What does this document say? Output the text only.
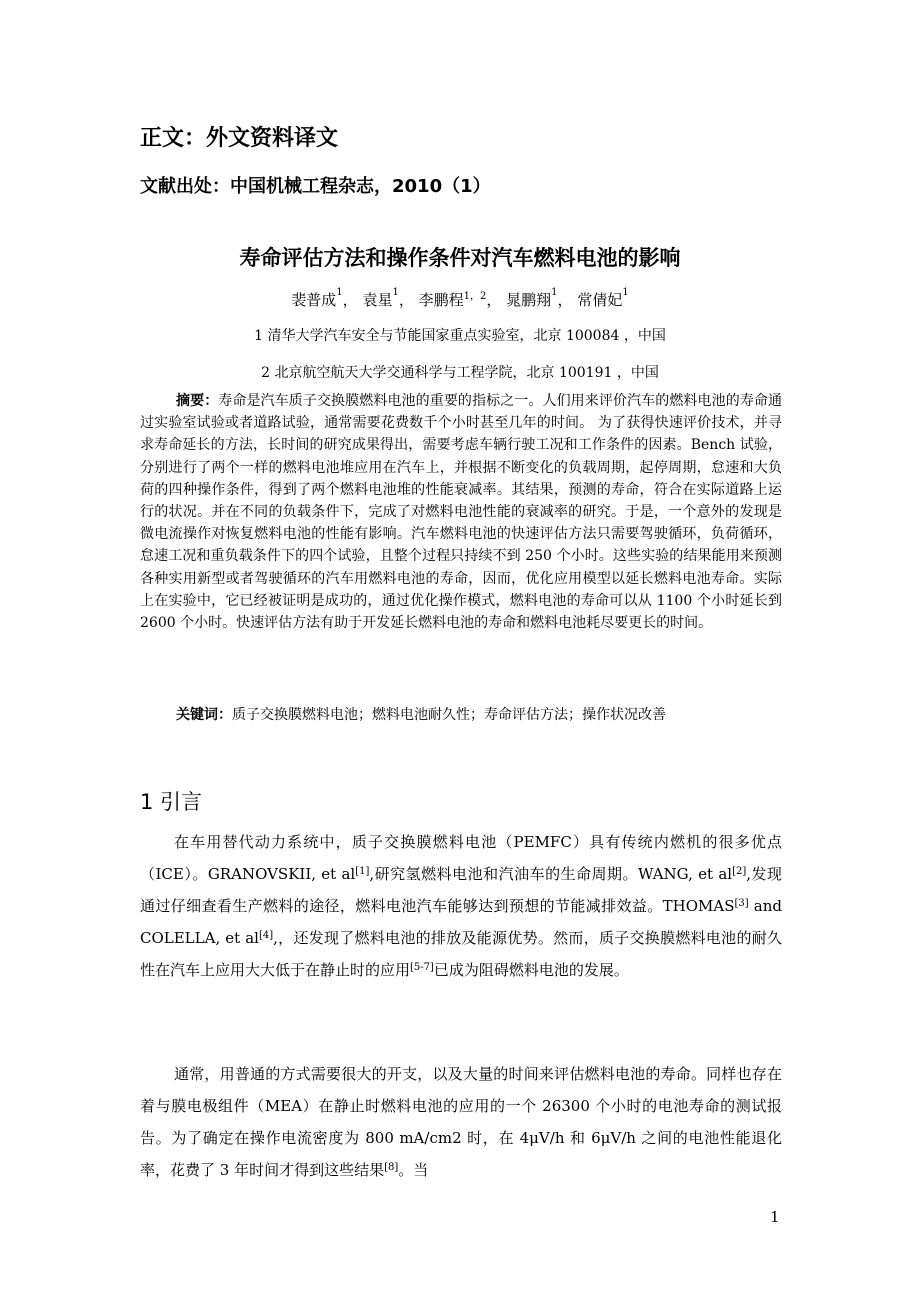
正文：外文资料译文
文献出处：中国机械工程杂志，2010（1）
寿命评估方法和操作条件对汽车燃料电池的影响
裴普成$^1$， 袁星$^1$， 李鹏程$^{1,2}$， 晁鹏翔$^1$， 常倩妃$^1$
1 清华大学汽车安全与节能国家重点实验室，北京 100084 ，中国
2 北京航空航天大学交通科学与工程学院，北京 100191 ，中国
摘要：寿命是汽车质子交换膜燃料电池的重要的指标之一。人们用来评价汽车的燃料电池的寿命通过实验室试验或者道路试验，通常需要花费数千个小时甚至几年的时间。 为了获得快速评价技术，并寻求寿命延长的方法，长时间的研究成果得出，需要考虑车辆行驶工况和工作条件的因素。Bench 试验，分别进行了两个一样的燃料电池堆应用在汽车上，并根据不断变化的负载周期，起停周期，怠速和大负荷的四种操作条件，得到了两个燃料电池堆的性能衰减率。其结果，预测的寿命，符合在实际道路上运行的状况。并在不同的负载条件下，完成了对燃料电池性能的衰减率的研究。于是，一个意外的发现是微电流操作对恢复燃料电池的性能有影响。汽车燃料电池的快速评估方法只需要驾驶循环，负荷循环，怠速工况和重负载条件下的四个试验，且整个过程只持续不到 250 个小时。这些实验的结果能用来预测各种实用新型或者驾驶循环的汽车用燃料电池的寿命，因而，优化应用模型以延长燃料电池寿命。实际上在实验中，它已经被证明是成功的，通过优化操作模式，燃料电池的寿命可以从 1100 个小时延长到 2600 个小时。快速评估方法有助于开发延长燃料电池的寿命和燃料电池耗尽要更长的时间。
关键词：质子交换膜燃料电池；燃料电池耐久性；寿命评估方法；操作状况改善
1 引言
在车用替代动力系统中，质子交换膜燃料电池（PEMFC）具有传统内燃机的很多优点（ICE）。GRANOVSKII, et al[1],研究氢燃料电池和汽油车的生命周期。WANG, et al[2],发现通过仔细查看生产燃料的途径，燃料电池汽车能够达到预想的节能减排效益。THOMAS[3] and COLELLA, et al[4],，还发现了燃料电池的排放及能源优势。然而，质子交换膜燃料电池的耐久性在汽车上应用大大低于在静止时的应用[5-7]已成为阻碍燃料电池的发展。
通常，用普通的方式需要很大的开支，以及大量的时间来评估燃料电池的寿命。同样也存在着与膜电极组件（MEA）在静止时燃料电池的应用的一个 26300 个小时的电池寿命的测试报告。为了确定在操作电流密度为 800 mA/cm2 时，在 4μV/h 和 6μV/h 之间的电池性能退化率，花费了 3 年时间才得到这些结果[8]。当
1
